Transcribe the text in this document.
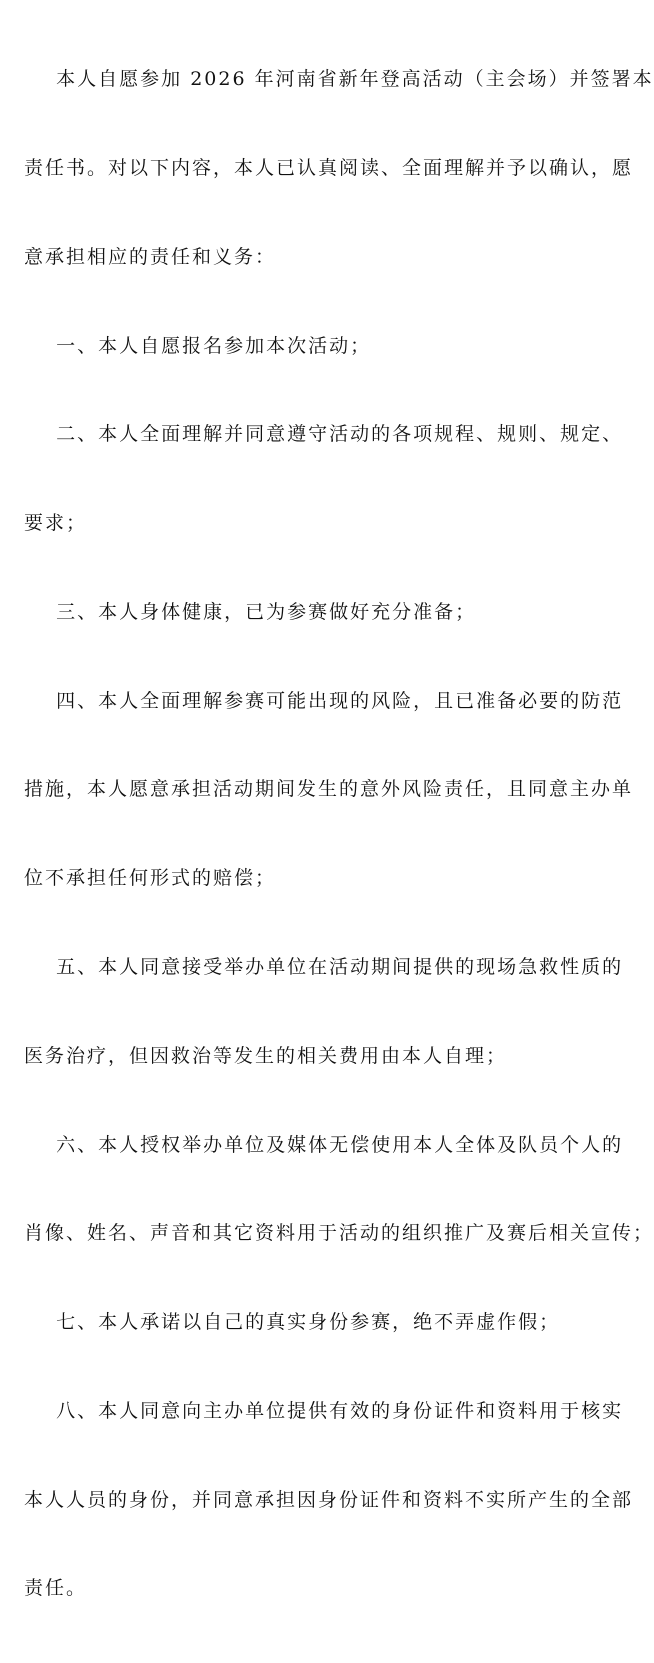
本人自愿参加 2026 年河南省新年登高活动（主会场）并签署本

责任书。对以下内容，本人已认真阅读、全面理解并予以确认，愿

意承担相应的责任和义务：

一、本人自愿报名参加本次活动；

二、本人全面理解并同意遵守活动的各项规程、规则、规定、

要求；

三、本人身体健康，已为参赛做好充分准备；

四、本人全面理解参赛可能出现的风险，且已准备必要的防范

措施，本人愿意承担活动期间发生的意外风险责任，且同意主办单

位不承担任何形式的赔偿；

五、本人同意接受举办单位在活动期间提供的现场急救性质的

医务治疗，但因救治等发生的相关费用由本人自理；

六、本人授权举办单位及媒体无偿使用本人全体及队员个人的

肖像、姓名、声音和其它资料用于活动的组织推广及赛后相关宣传；

七、本人承诺以自己的真实身份参赛，绝不弄虚作假；

八、本人同意向主办单位提供有效的身份证件和资料用于核实

本人人员的身份，并同意承担因身份证件和资料不实所产生的全部

责任。
